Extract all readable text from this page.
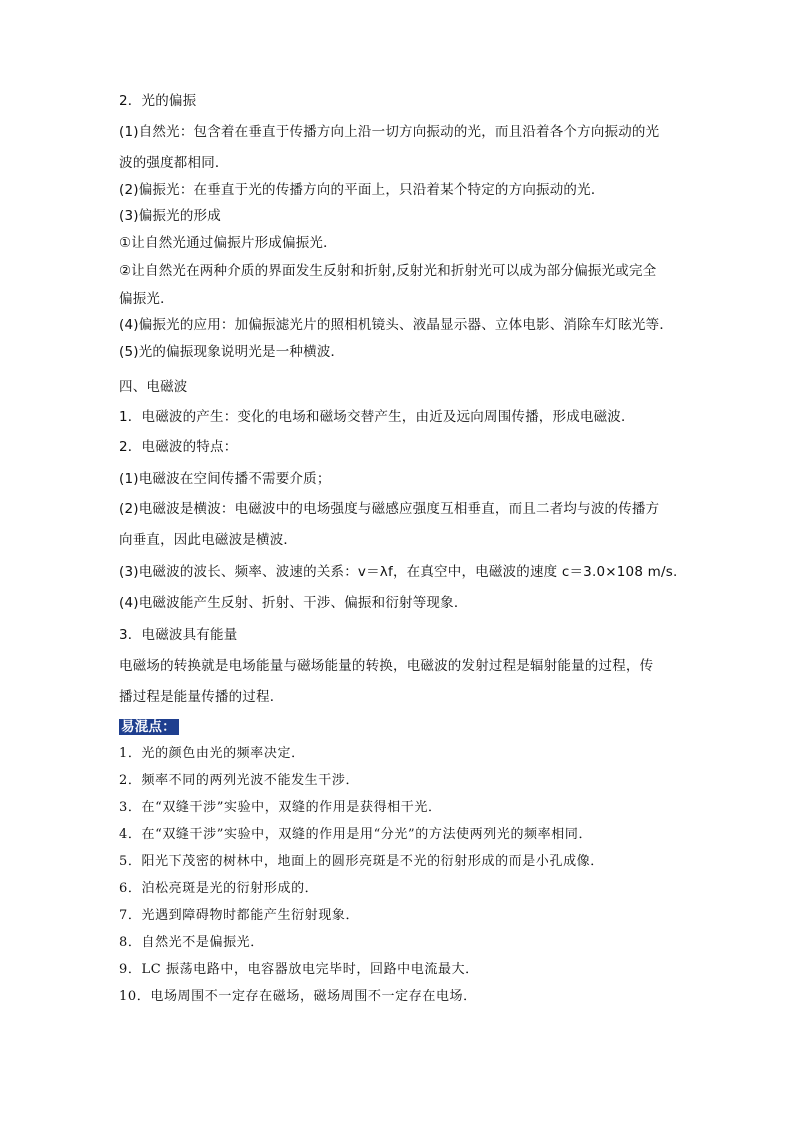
2．光的偏振
(1)自然光：包含着在垂直于传播方向上沿一切方向振动的光，而且沿着各个方向振动的光
波的强度都相同．
(2)偏振光：在垂直于光的传播方向的平面上，只沿着某个特定的方向振动的光．
(3)偏振光的形成
①让自然光通过偏振片形成偏振光．
②让自然光在两种介质的界面发生反射和折射,反射光和折射光可以成为部分偏振光或完全
偏振光．
(4)偏振光的应用：加偏振滤光片的照相机镜头、液晶显示器、立体电影、消除车灯眩光等．
(5)光的偏振现象说明光是一种横波．
四、电磁波
1．电磁波的产生：变化的电场和磁场交替产生，由近及远向周围传播，形成电磁波．
2．电磁波的特点：
(1)电磁波在空间传播不需要介质；
(2)电磁波是横波：电磁波中的电场强度与磁感应强度互相垂直，而且二者均与波的传播方
向垂直，因此电磁波是横波．
(3)电磁波的波长、频率、波速的关系：v＝λf，在真空中，电磁波的速度 c＝3.0×108 m/s.
(4)电磁波能产生反射、折射、干涉、偏振和衍射等现象．
3．电磁波具有能量
电磁场的转换就是电场能量与磁场能量的转换，电磁波的发射过程是辐射能量的过程，传
播过程是能量传播的过程．
易混点：
1．光的颜色由光的频率决定．
2．频率不同的两列光波不能发生干涉．
3．在“双缝干涉”实验中，双缝的作用是获得相干光．
4．在“双缝干涉”实验中，双缝的作用是用“分光”的方法使两列光的频率相同．
5．阳光下茂密的树林中，地面上的圆形亮斑是不光的衍射形成的而是小孔成像．
6．泊松亮斑是光的衍射形成的．
7．光遇到障碍物时都能产生衍射现象．
8．自然光不是偏振光．
9．LC 振荡电路中，电容器放电完毕时，回路中电流最大．
10．电场周围不一定存在磁场，磁场周围不一定存在电场．
